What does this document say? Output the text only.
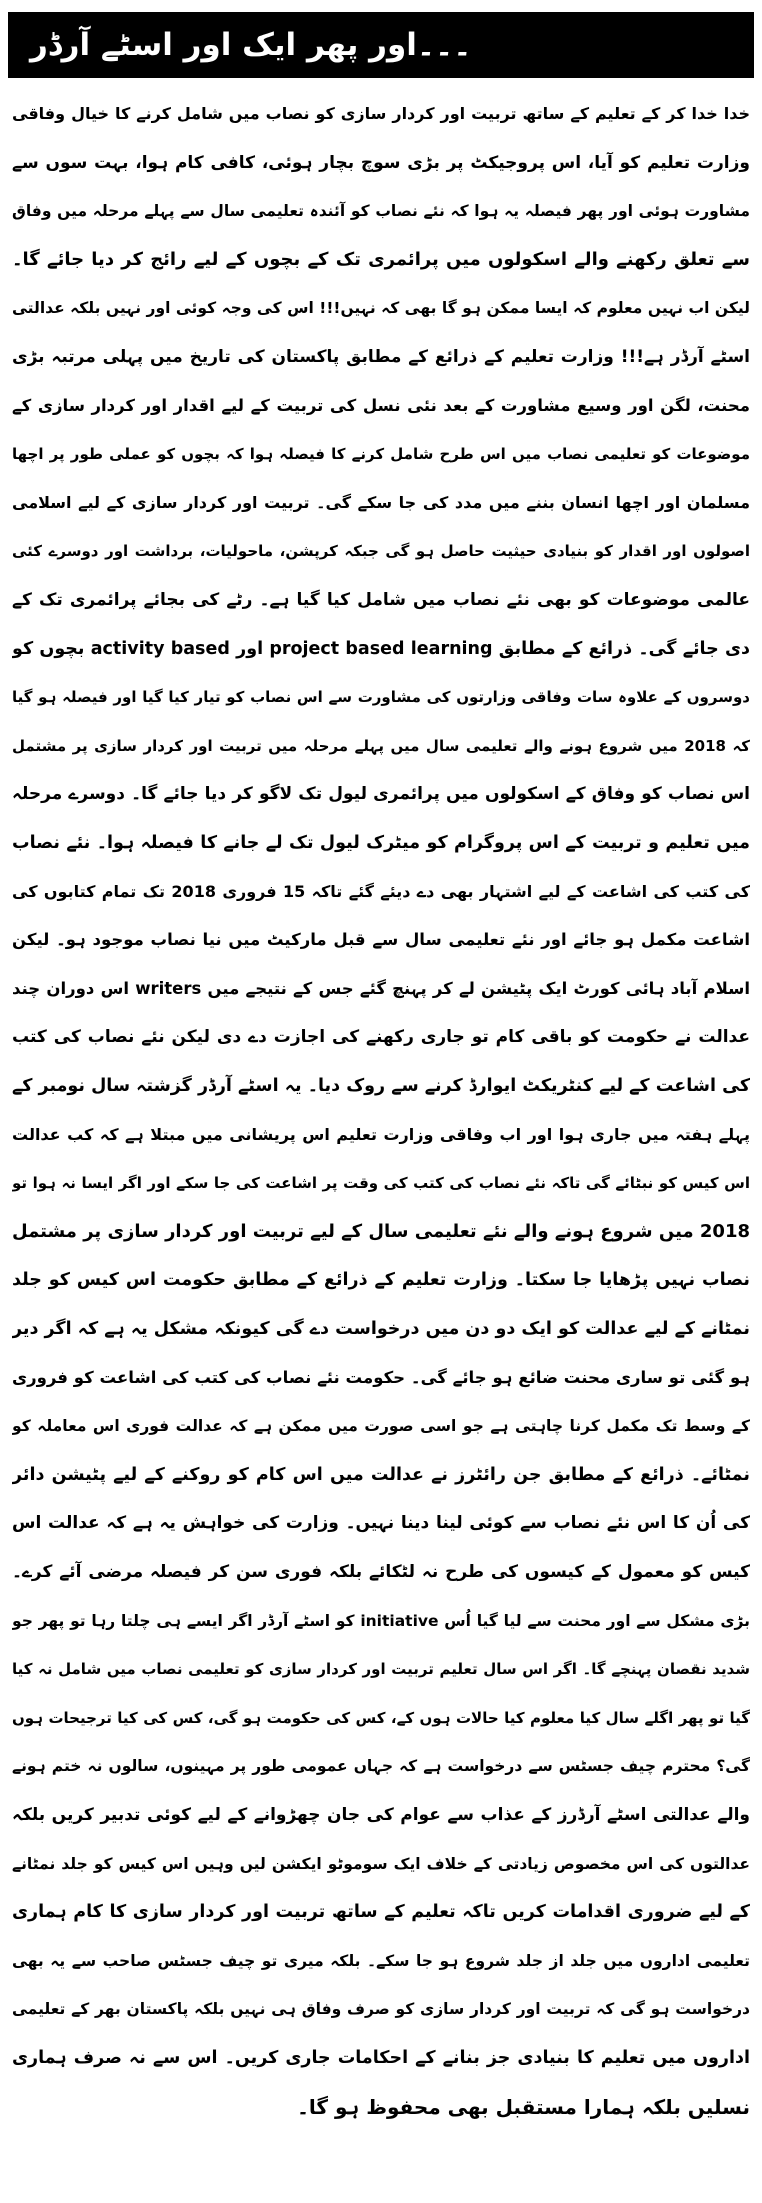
۔۔۔اور پھر ایک اور اسٹے آرڈر
خدا خدا کر کے تعلیم کے ساتھ تربیت اور کردار سازی کو نصاب میں شامل کرنے کا خیال وفاقی
وزارت تعلیم کو آیا، اس پروجیکٹ پر بڑی سوچ بچار ہوئی، کافی کام ہوا، بہت سوں سے
مشاورت ہوئی اور پھر فیصلہ یہ ہوا کہ نئے نصاب کو آئندہ تعلیمی سال سے پہلے مرحلہ میں وفاق
سے تعلق رکھنے والے اسکولوں میں پرائمری تک کے بچوں کے لیے رائج کر دیا جائے گا۔
لیکن اب نہیں معلوم کہ ایسا ممکن ہو گا بھی کہ نہیں!!! اس کی وجہ کوئی اور نہیں بلکہ عدالتی
اسٹے آرڈر ہے!!! وزارت تعلیم کے ذرائع کے مطابق پاکستان کی تاریخ میں پہلی مرتبہ بڑی
محنت، لگن اور وسیع مشاورت کے بعد نئی نسل کی تربیت کے لیے اقدار اور کردار سازی کے
موضوعات کو تعلیمی نصاب میں اس طرح شامل کرنے کا فیصلہ ہوا کہ بچوں کو عملی طور پر اچھا
مسلمان اور اچھا انسان بننے میں مدد کی جا سکے گی۔ تربیت اور کردار سازی کے لیے اسلامی
اصولوں اور اقدار کو بنیادی حیثیت حاصل ہو گی جبکہ کرپشن، ماحولیات، برداشت اور دوسرے کئی
عالمی موضوعات کو بھی نئے نصاب میں شامل کیا گیا ہے۔ رٹے کی بجائے پرائمری تک کے
دی جائے گی۔ ذرائع کے مطابق project based learning اور activity based بچوں کو
دوسروں کے علاوہ سات وفاقی وزارتوں کی مشاورت سے اس نصاب کو تیار کیا گیا اور فیصلہ ہو گیا
کہ 2018 میں شروع ہونے والے تعلیمی سال میں پہلے مرحلہ میں تربیت اور کردار سازی پر مشتمل
اس نصاب کو وفاق کے اسکولوں میں پرائمری لیول تک لاگو کر دیا جائے گا۔ دوسرے مرحلہ
میں تعلیم و تربیت کے اس پروگرام کو میٹرک لیول تک لے جانے کا فیصلہ ہوا۔ نئے نصاب
کی کتب کی اشاعت کے لیے اشتہار بھی دے دیئے گئے تاکہ 15 فروری 2018 تک تمام کتابوں کی
اشاعت مکمل ہو جائے اور نئے تعلیمی سال سے قبل مارکیٹ میں نیا نصاب موجود ہو۔ لیکن
اسلام آباد ہائی کورٹ ایک پٹیشن لے کر پہنچ گئے جس کے نتیجے میں writers اس دوران چند
عدالت نے حکومت کو باقی کام تو جاری رکھنے کی اجازت دے دی لیکن نئے نصاب کی کتب
کی اشاعت کے لیے کنٹریکٹ ایوارڈ کرنے سے روک دیا۔ یہ اسٹے آرڈر گزشتہ سال نومبر کے
پہلے ہفتہ میں جاری ہوا اور اب وفاقی وزارت تعلیم اس پریشانی میں مبتلا ہے کہ کب عدالت
اس کیس کو نبٹائے گی تاکہ نئے نصاب کی کتب کی وقت پر اشاعت کی جا سکے اور اگر ایسا نہ ہوا تو
2018 میں شروع ہونے والے نئے تعلیمی سال کے لیے تربیت اور کردار سازی پر مشتمل
نصاب نہیں پڑھایا جا سکتا۔ وزارت تعلیم کے ذرائع کے مطابق حکومت اس کیس کو جلد
نمٹانے کے لیے عدالت کو ایک دو دن میں درخواست دے گی کیونکہ مشکل یہ ہے کہ اگر دیر
ہو گئی تو ساری محنت ضائع ہو جائے گی۔ حکومت نئے نصاب کی کتب کی اشاعت کو فروری
کے وسط تک مکمل کرنا چاہتی ہے جو اسی صورت میں ممکن ہے کہ عدالت فوری اس معاملہ کو
نمٹائے۔ ذرائع کے مطابق جن رائٹرز نے عدالت میں اس کام کو روکنے کے لیے پٹیشن دائر
کی اُن کا اس نئے نصاب سے کوئی لینا دینا نہیں۔ وزارت کی خواہش یہ ہے کہ عدالت اس
کیس کو معمول کے کیسوں کی طرح نہ لٹکائے بلکہ فوری سن کر فیصلہ مرضی آئے کرے۔
بڑی مشکل سے اور محنت سے لیا گیا اُس initiative کو اسٹے آرڈر اگر ایسے ہی چلتا رہا تو پھر جو
شدید نقصان پہنچے گا۔ اگر اس سال تعلیم تربیت اور کردار سازی کو تعلیمی نصاب میں شامل نہ کیا
گیا تو پھر اگلے سال کیا معلوم کیا حالات ہوں کے، کس کی حکومت ہو گی، کس کی کیا ترجیحات ہوں
گی؟ محترم چیف جسٹس سے درخواست ہے کہ جہاں عمومی طور پر مہینوں، سالوں نہ ختم ہونے
والے عدالتی اسٹے آرڈرز کے عذاب سے عوام کی جان چھڑوانے کے لیے کوئی تدبیر کریں بلکہ
عدالتوں کی اس مخصوص زیادتی کے خلاف ایک سوموٹو ایکشن لیں وہیں اس کیس کو جلد نمٹانے
کے لیے ضروری اقدامات کریں تاکہ تعلیم کے ساتھ تربیت اور کردار سازی کا کام ہماری
تعلیمی اداروں میں جلد از جلد شروع ہو جا سکے۔ بلکہ میری تو چیف جسٹس صاحب سے یہ بھی
درخواست ہو گی کہ تربیت اور کردار سازی کو صرف وفاق ہی نہیں بلکہ پاکستان بھر کے تعلیمی
اداروں میں تعلیم کا بنیادی جز بنانے کے احکامات جاری کریں۔ اس سے نہ صرف ہماری
نسلیں بلکہ ہمارا مستقبل بھی محفوظ ہو گا۔
